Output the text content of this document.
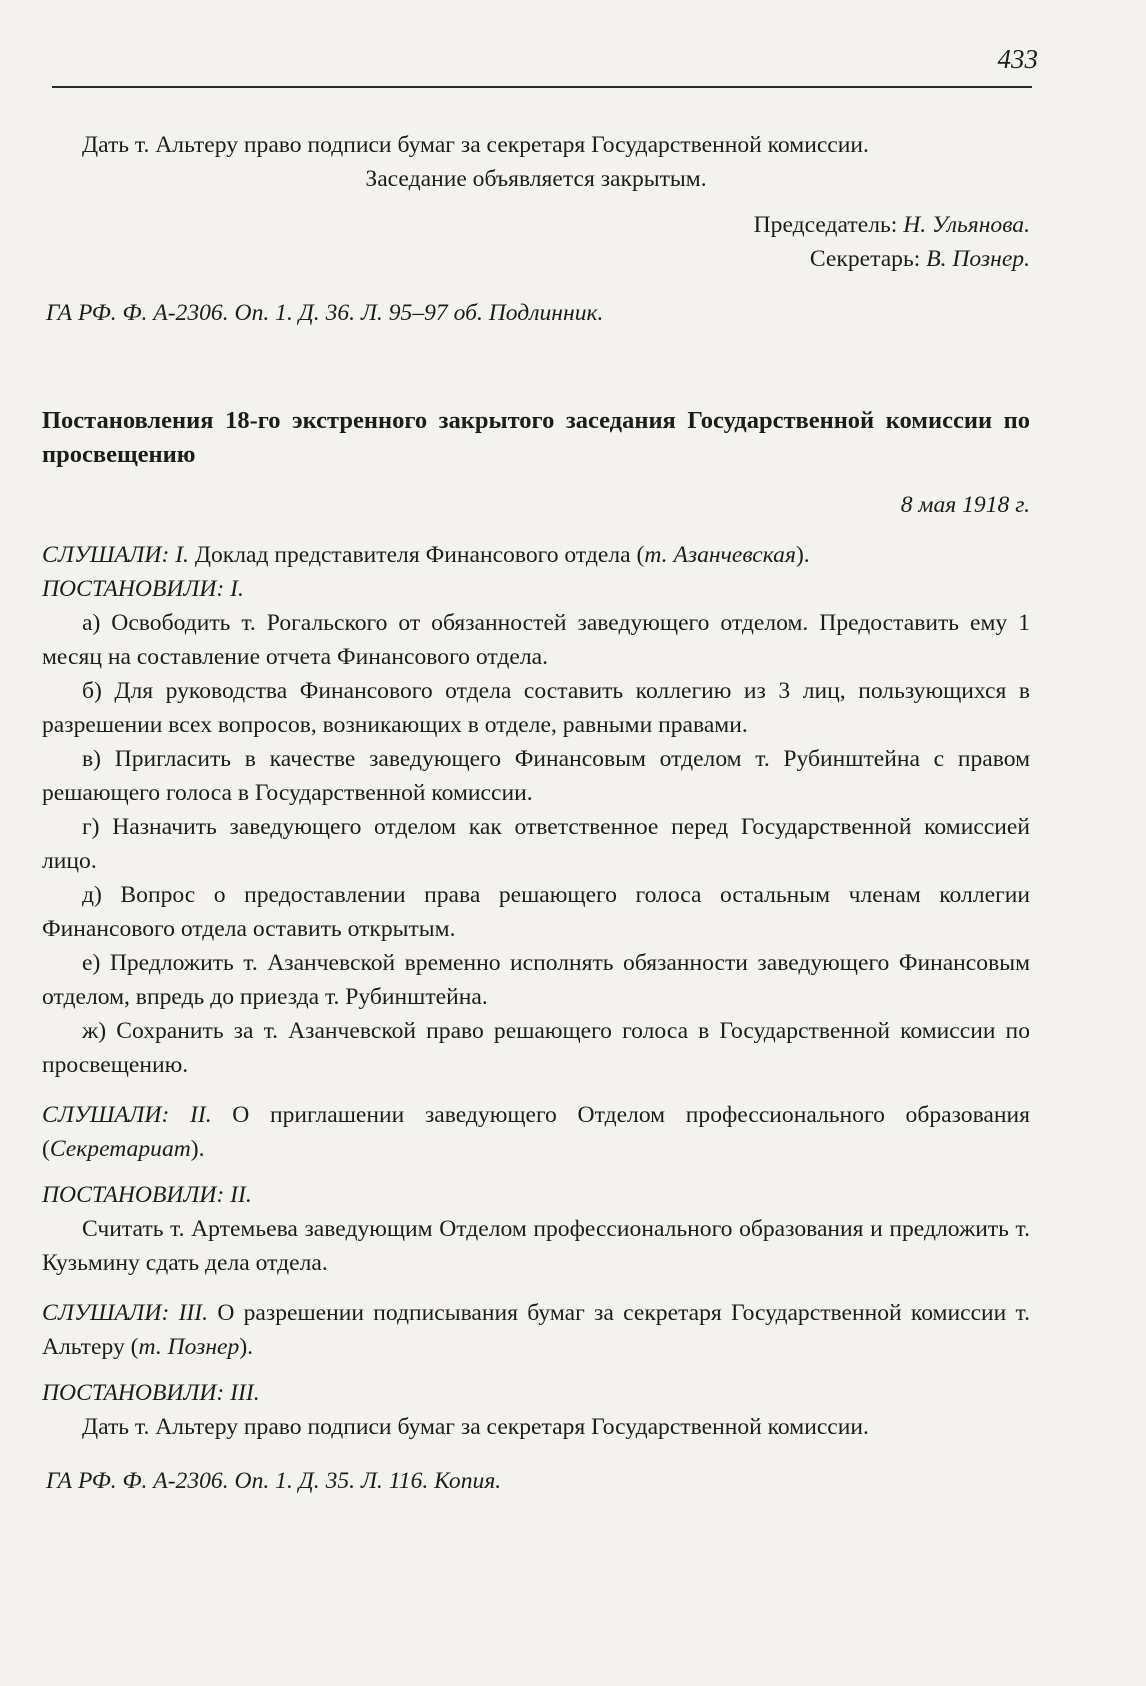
433

Дать т. Альтеру право подписи бумаг за секретаря Государственной комиссии.

Заседание объявляется закрытым.

Председатель: Н. Ульянова.

Секретарь: В. Познер.

ГА РФ. Ф. А-2306. Оп. 1. Д. 36. Л. 95–97 об. Подлинник.

Постановления 18-го экстренного закрытого заседания Государственной комиссии по просвещению

8 мая 1918 г.

СЛУШАЛИ: I. Доклад представителя Финансового отдела (т. Азанчевская).

ПОСТАНОВИЛИ: I.

а) Освободить т. Рогальского от обязанностей заведующего отделом. Предоставить ему 1 месяц на составление отчета Финансового отдела.

б) Для руководства Финансового отдела составить коллегию из 3 лиц, пользующихся в разрешении всех вопросов, возникающих в отделе, равными правами.

в) Пригласить в качестве заведующего Финансовым отделом т. Рубинштейна с правом решающего голоса в Государственной комиссии.

г) Назначить заведующего отделом как ответственное перед Государственной комиссией лицо.

д) Вопрос о предоставлении права решающего голоса остальным членам коллегии Финансового отдела оставить открытым.

е) Предложить т. Азанчевской временно исполнять обязанности заведующего Финансовым отделом, впредь до приезда т. Рубинштейна.

ж) Сохранить за т. Азанчевской право решающего голоса в Государственной комиссии по просвещению.

СЛУШАЛИ: II. О приглашении заведующего Отделом профессионального образования (Секретариат).

ПОСТАНОВИЛИ: II.

Считать т. Артемьева заведующим Отделом профессионального образования и предложить т. Кузьмину сдать дела отдела.

СЛУШАЛИ: III. О разрешении подписывания бумаг за секретаря Государственной комиссии т. Альтеру (т. Познер).

ПОСТАНОВИЛИ: III.

Дать т. Альтеру право подписи бумаг за секретаря Государственной комиссии.

ГА РФ. Ф. А-2306. Оп. 1. Д. 35. Л. 116. Копия.
